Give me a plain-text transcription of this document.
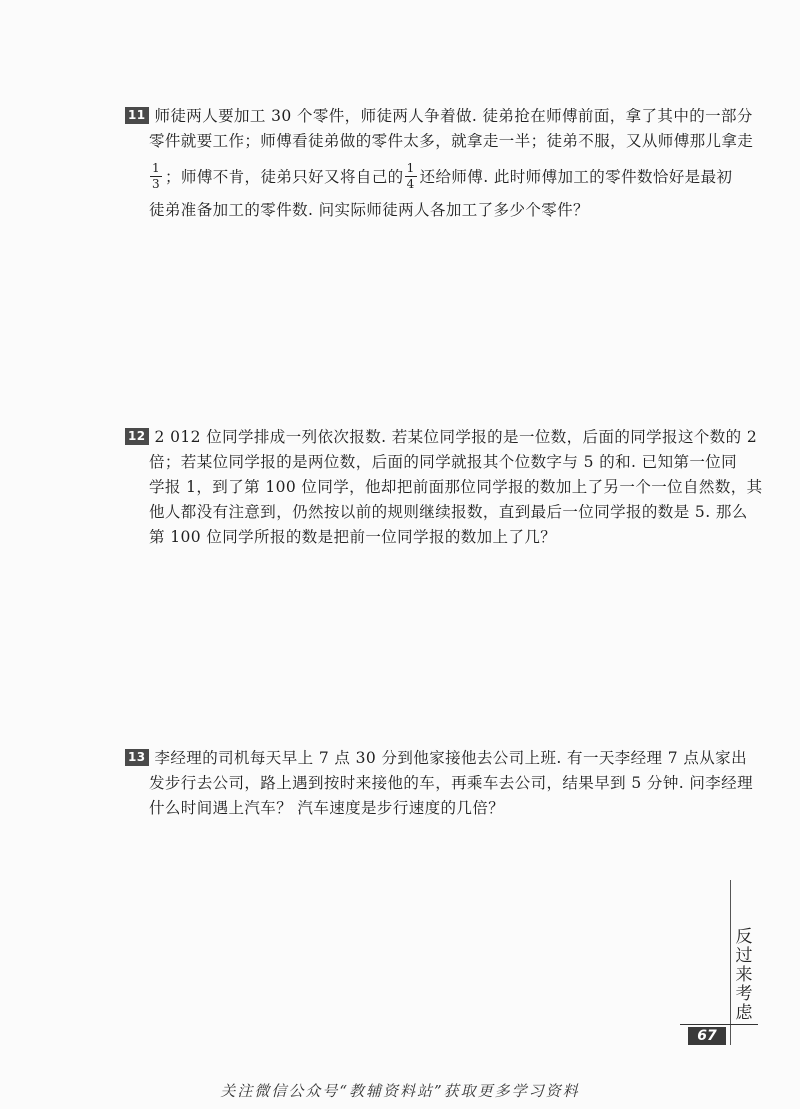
11 师徒两人要加工 30 个零件，师徒两人争着做. 徒弟抢在师傅前面，拿了其中的一部分
零件就要工作；师傅看徒弟做的零件太多，就拿走一半；徒弟不服，又从师傅那儿拿走
$\frac{1}{3}$ ；师傅不肯，徒弟只好又将自己的 $\frac{1}{4}$ 还给师傅. 此时师傅加工的零件数恰好是最初
徒弟准备加工的零件数. 问实际师徒两人各加工了多少个零件？
12 2 012 位同学排成一列依次报数. 若某位同学报的是一位数，后面的同学报这个数的 2
倍；若某位同学报的是两位数，后面的同学就报其个位数字与 5 的和. 已知第一位同
学报 1，到了第 100 位同学，他却把前面那位同学报的数加上了另一个一位自然数，其
他人都没有注意到，仍然按以前的规则继续报数，直到最后一位同学报的数是 5. 那么
第 100 位同学所报的数是把前一位同学报的数加上了几？
13 李经理的司机每天早上 7 点 30 分到他家接他去公司上班. 有一天李经理 7 点从家出
发步行去公司，路上遇到按时来接他的车，再乘车去公司，结果早到 5 分钟. 问李经理
什么时间遇上汽车？ 汽车速度是步行速度的几倍？
反过来考虑
67
关注微信公众号“教辅资料站”获取更多学习资料
